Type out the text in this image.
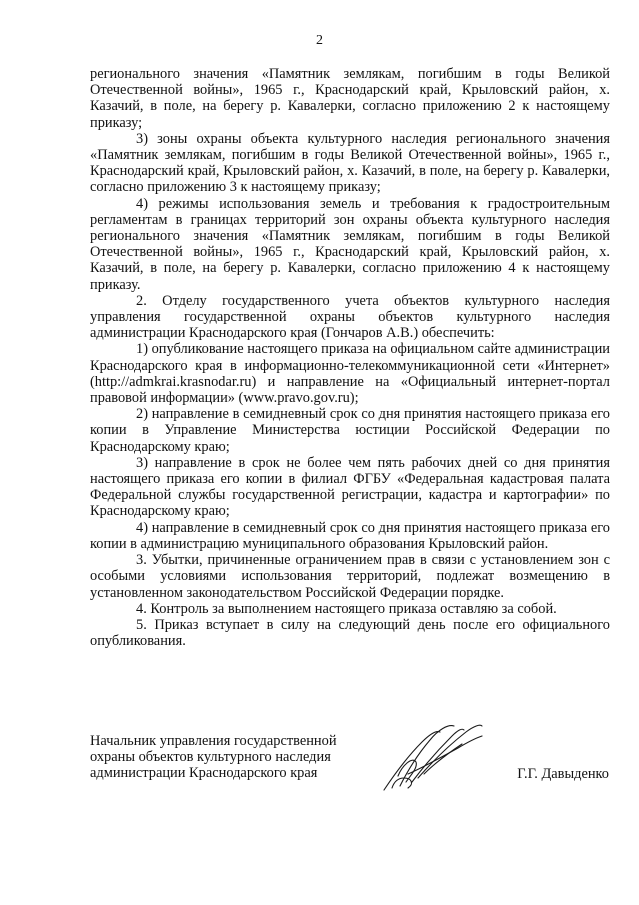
2

регионального значения «Памятник землякам, погибшим в годы Великой Отечественной войны», 1965 г., Краснодарский край, Крыловский район, х. Казачий, в поле, на берегу р. Кавалерки, согласно приложению 2 к настоящему приказу;

3) зоны охраны объекта культурного наследия регионального значения «Памятник землякам, погибшим в годы Великой Отечественной войны», 1965 г., Краснодарский край, Крыловский район, х. Казачий, в поле, на берегу р. Кавалерки, согласно приложению 3 к настоящему приказу;

4) режимы использования земель и требования к градостроительным регламентам в границах территорий зон охраны объекта культурного наследия регионального значения «Памятник землякам, погибшим в годы Великой Отечественной войны», 1965 г., Краснодарский край, Крыловский район, х. Казачий, в поле, на берегу р. Кавалерки, согласно приложению 4 к настоящему приказу.

2. Отделу государственного учета объектов культурного наследия управления государственной охраны объектов культурного наследия администрации Краснодарского края (Гончаров А.В.) обеспечить:

1) опубликование настоящего приказа на официальном сайте администрации Краснодарского края в информационно-телекоммуникационной сети «Интернет» (http://admkrai.krasnodar.ru) и направление на «Официальный интернет-портал правовой информации» (www.pravo.gov.ru);

2) направление в семидневный срок со дня принятия настоящего приказа его копии в Управление Министерства юстиции Российской Федерации по Краснодарскому краю;

3) направление в срок не более чем пять рабочих дней со дня принятия настоящего приказа его копии в филиал ФГБУ «Федеральная кадастровая палата Федеральной службы государственной регистрации, кадастра и картографии» по Краснодарскому краю;

4) направление в семидневный срок со дня принятия настоящего приказа его копии в администрацию муниципального образования Крыловский район.

3. Убытки, причиненные ограничением прав в связи с установлением зон с особыми условиями использования территорий, подлежат возмещению в установленном законодательством Российской Федерации порядке.

4. Контроль за выполнением настоящего приказа оставляю за собой.

5. Приказ вступает в силу на следующий день после его официального опубликования.

Начальник управления государственной
охраны объектов культурного наследия
администрации Краснодарского края	Г.Г. Давыденко
